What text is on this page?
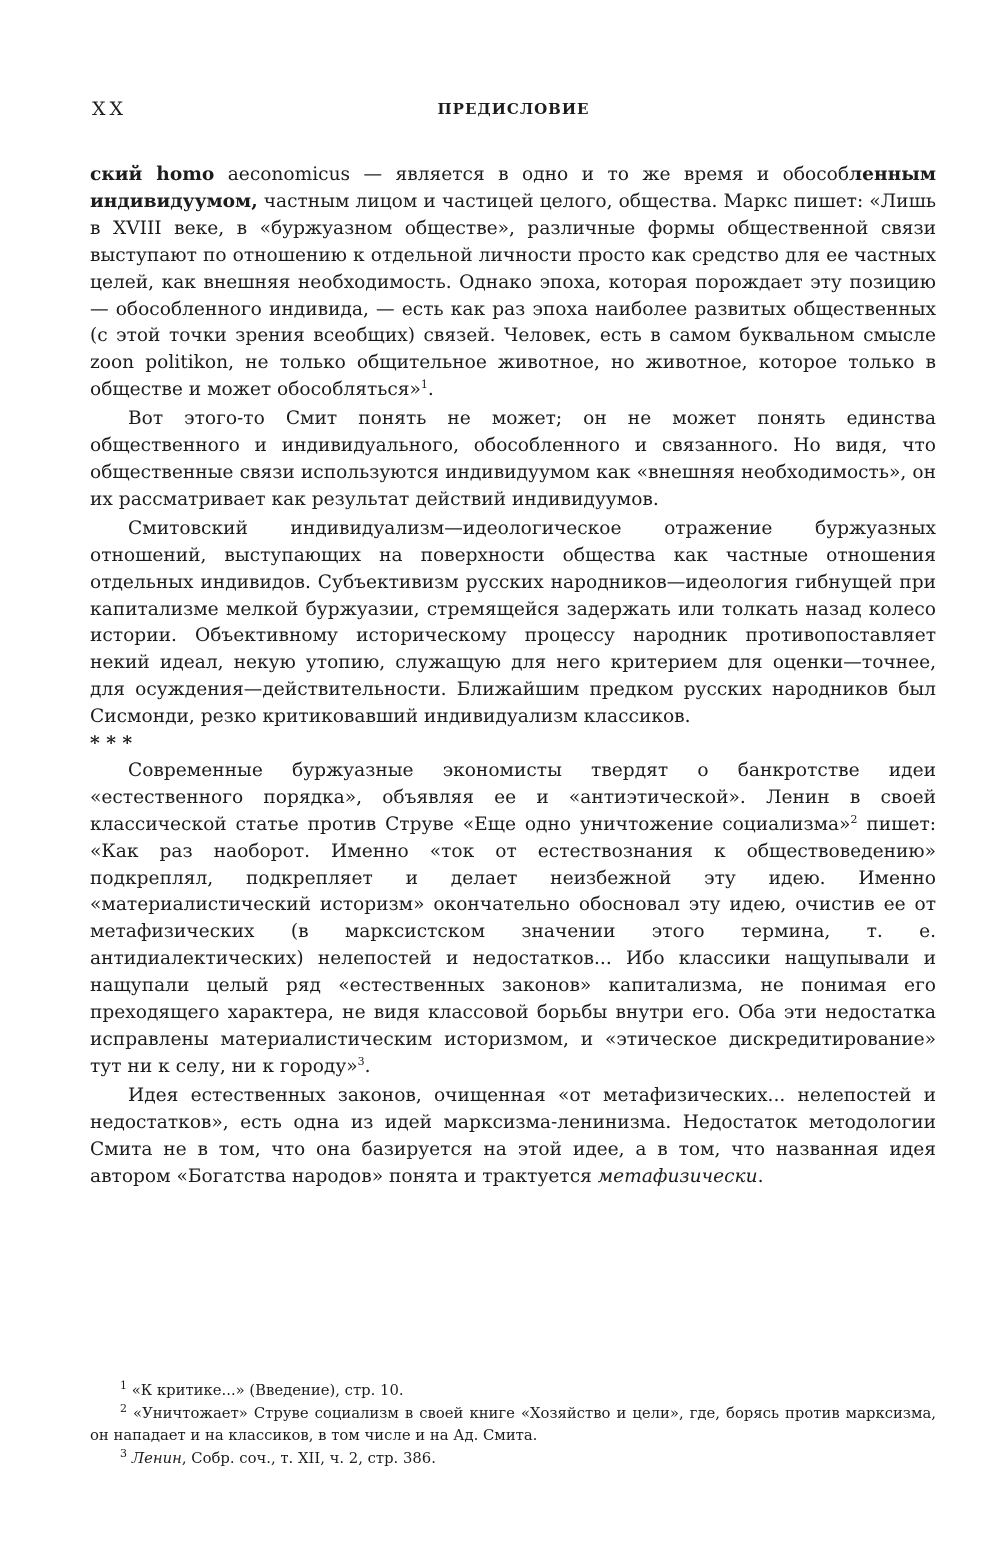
XX	ПРЕДИСЛОВИЕ

ский homo aeconomicus — является в одно и то же время и обособленным индивидуумом, частным лицом и частицей целого, общества. Маркс пишет: «Лишь в XVIII веке, в «буржуазном обществе», различные формы общественной связи выступают по отношению к отдельной личности просто как средство для ее частных целей, как внешняя необходимость. Однако эпоха, которая порождает эту позицию — обособленного индивида, — есть как раз эпоха наиболее развитых общественных (с этой точки зрения всеобщих) связей. Человек, есть в самом буквальном смысле zoon politikon, не только общительное животное, но животное, которое только в обществе и может обособляться»$^1$.

Вот этого-то Смит понять не может; он не может понять единства общественного и индивидуального, обособленного и связанного. Но видя, что общественные связи используются индивидуумом как «внешняя необходимость», он их рассматривает как результат действий индивидуумов.

Смитовский индивидуализм—идеологическое отражение буржуазных отношений, выступающих на поверхности общества как частные отношения отдельных индивидов. Субъективизм русских народников—идеология гибнущей при капитализме мелкой буржуазии, стремящейся задержать или толкать назад колесо истории. Объективному историческому процессу народник противопоставляет некий идеал, некую утопию, служащую для него критерием для оценки—точнее, для осуждения—действительности. Ближайшим предком русских народников был Сисмонди, резко критиковавший индивидуализм классиков.

* * *

Современные буржуазные экономисты твердят о банкротстве идеи «естественного порядка», объявляя ее и «антиэтической». Ленин в своей классической статье против Струве «Еще одно уничтожение социализма»$^2$ пишет: «Как раз наоборот. Именно «ток от естествознания к обществоведению» подкреплял, подкрепляет и делает неизбежной эту идею. Именно «материалистический историзм» окончательно обосновал эту идею, очистив ее от метафизических (в марксистском значении этого термина, т. е. антидиалектических) нелепостей и недостатков... Ибо классики нащупывали и нащупали целый ряд «естественных законов» капитализма, не понимая его преходящего характера, не видя классовой борьбы внутри его. Оба эти недостатка исправлены материалистическим историзмом, и «этическое дискредитирование» тут ни к селу, ни к городу»$^3$.

Идея естественных законов, очищенная «от метафизических... нелепостей и недостатков», есть одна из идей марксизма-ленинизма. Недостаток методологии Смита не в том, что она базируется на этой идее, а в том, что названная идея автором «Богатства народов» понята и трактуется метафизически.

$^1$ «К критике...» (Введение), стр. 10.

$^2$ «Уничтожает» Струве социализм в своей книге «Хозяйство и цели», где, борясь против марксизма, он нападает и на классиков, в том числе и на Ад. Смита.

$^3$ Ленин, Собр. соч., т. XII, ч. 2, стр. 386.
